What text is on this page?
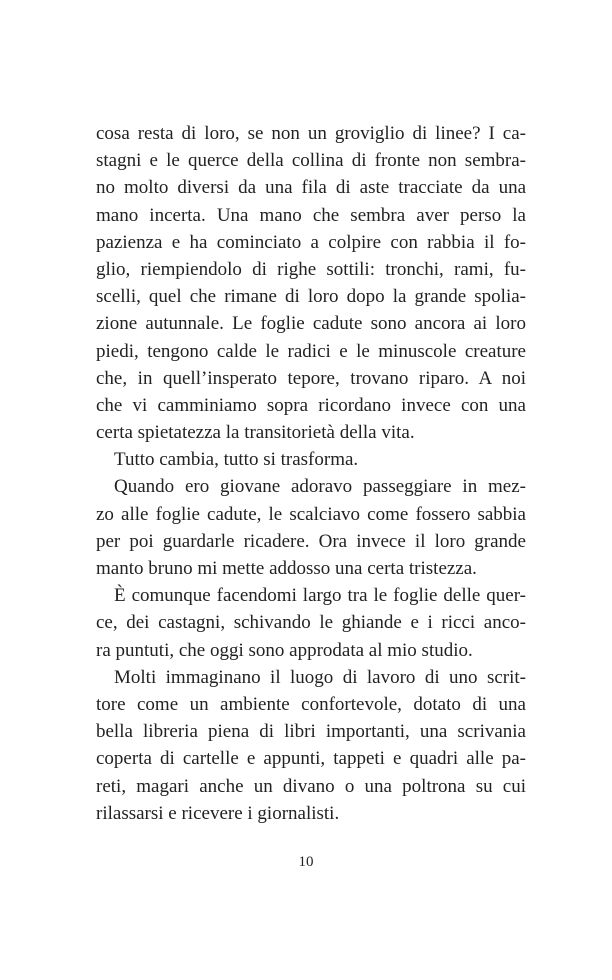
cosa resta di loro, se non un groviglio di linee? I ca-
stagni e le querce della collina di fronte non sembra-
no molto diversi da una fila di aste tracciate da una
mano incerta. Una mano che sembra aver perso la
pazienza e ha cominciato a colpire con rabbia il fo-
glio, riempiendolo di righe sottili: tronchi, rami, fu-
scelli, quel che rimane di loro dopo la grande spolia-
zione autunnale. Le foglie cadute sono ancora ai loro
piedi, tengono calde le radici e le minuscole creature
che, in quell’insperato tepore, trovano riparo. A noi
che vi camminiamo sopra ricordano invece con una
certa spietatezza la transitorietà della vita.
Tutto cambia, tutto si trasforma.
Quando ero giovane adoravo passeggiare in mez-
zo alle foglie cadute, le scalciavo come fossero sabbia
per poi guardarle ricadere. Ora invece il loro grande
manto bruno mi mette addosso una certa tristezza.
È comunque facendomi largo tra le foglie delle quer-
ce, dei castagni, schivando le ghiande e i ricci anco-
ra puntuti, che oggi sono approdata al mio studio.
Molti immaginano il luogo di lavoro di uno scrit-
tore come un ambiente confortevole, dotato di una
bella libreria piena di libri importanti, una scrivania
coperta di cartelle e appunti, tappeti e quadri alle pa-
reti, magari anche un divano o una poltrona su cui
rilassarsi e ricevere i giornalisti.
10
